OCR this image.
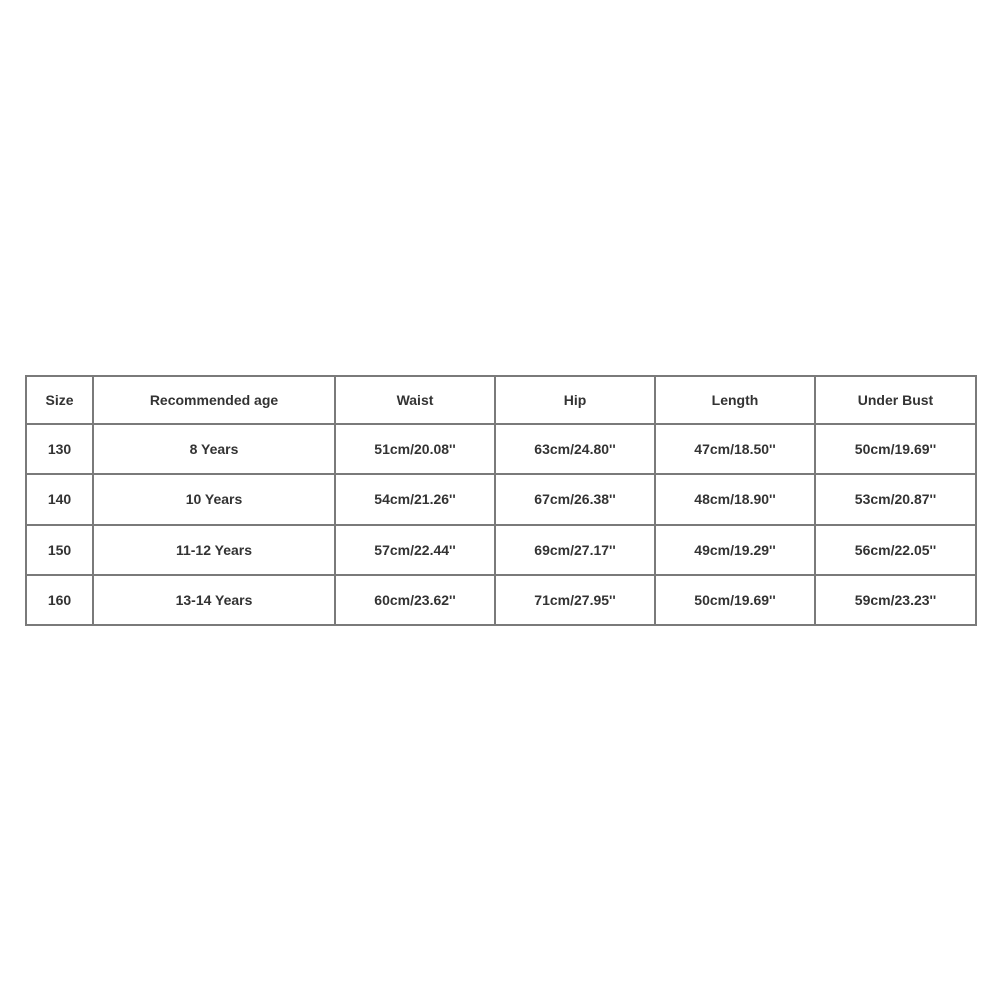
Size	Recommended age	Waist	Hip	Length	Under Bust
130	8 Years	51cm/20.08''	63cm/24.80''	47cm/18.50''	50cm/19.69''
140	10 Years	54cm/21.26''	67cm/26.38''	48cm/18.90''	53cm/20.87''
150	11-12 Years	57cm/22.44''	69cm/27.17''	49cm/19.29''	56cm/22.05''
160	13-14 Years	60cm/23.62''	71cm/27.95''	50cm/19.69''	59cm/23.23''
